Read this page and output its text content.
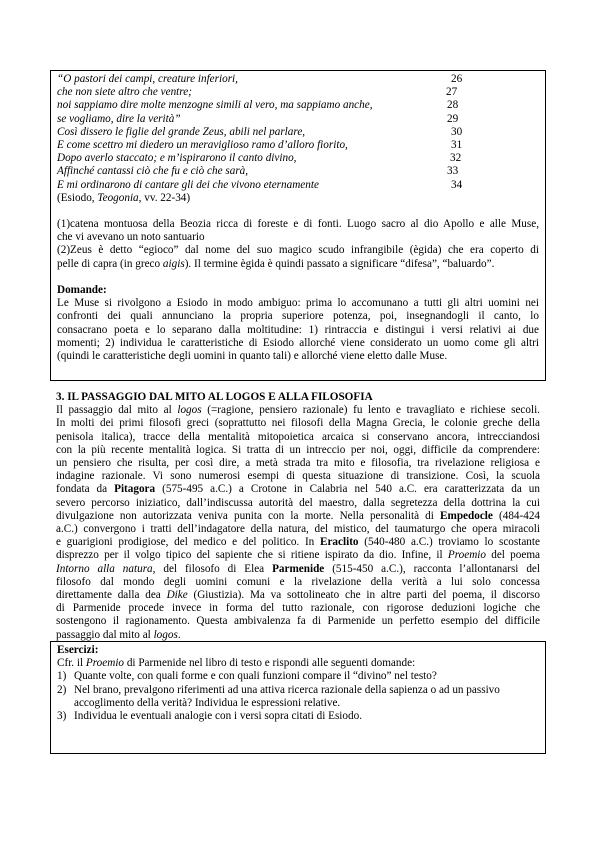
“O pastori dei campi, creature inferiori,	26
che non siete altro che ventre;	27
noi sappiamo dire molte menzogne simili al vero, ma sappiamo anche,	28
se vogliamo, dire la verità”	29
Così dissero le figlie del grande Zeus, abili nel parlare,	30
E come scettro mi diedero un meraviglioso ramo d’alloro fiorito,	31
Dopo averlo staccato; e m’ispirarono il canto divino,	32
Affinché cantassi ciò che fu e ciò che sarà,	33
E mi ordinarono di cantare gli dei che vivono eternamente	34
(Esiodo, Teogonia, vv. 22-34)
(1)catena montuosa della Beozia ricca di foreste e di fonti. Luogo sacro al dio Apollo e alle Muse,
che vi avevano un noto santuario
(2)Zeus è detto “egioco” dal nome del suo magico scudo infrangibile (ègida) che era coperto di
pelle di capra (in greco aigis). Il termine ègida è quindi passato a significare “difesa”, “baluardo”.
Domande:
Le Muse si rivolgono a Esiodo in modo ambiguo: prima lo accomunano a tutti gli altri uomini nei
confronti dei quali annunciano la propria superiore potenza, poi, insegnandogli il canto, lo
consacrano poeta e lo separano dalla moltitudine: 1) rintraccia e distingui i versi relativi ai due
momenti; 2) individua le caratteristiche di Esiodo allorché viene considerato un uomo come gli altri
(quindi le caratteristiche degli uomini in quanto tali) e allorché viene eletto dalle Muse.
3. IL PASSAGGIO DAL MITO AL LOGOS E ALLA FILOSOFIA
Il passaggio dal mito al logos (=ragione, pensiero razionale) fu lento e travagliato e richiese secoli.
In molti dei primi filosofi greci (soprattutto nei filosofi della Magna Grecia, le colonie greche della
penisola italica), tracce della mentalità mitopoietica arcaica si conservano ancora, intrecciandosi
con la più recente mentalità logica. Si tratta di un intreccio per noi, oggi, difficile da comprendere:
un pensiero che risulta, per così dire, a metà strada tra mito e filosofia, tra rivelazione religiosa e
indagine razionale. Vi sono numerosi esempi di questa situazione di transizione. Così, la scuola
fondata da Pitagora (575-495 a.C.) a Crotone in Calabria nel 540 a.C. era caratterizzata da un
severo percorso iniziatico, dall’indiscussa autorità del maestro, dalla segretezza della dottrina la cui
divulgazione non autorizzata veniva punita con la morte. Nella personalità di Empedocle (484-424
a.C.) convergono i tratti dell’indagatore della natura, del mistico, del taumaturgo che opera miracoli
e guarigioni prodigiose, del medico e del politico. In Eraclito (540-480 a.C.) troviamo lo scostante
disprezzo per il volgo tipico del sapiente che si ritiene ispirato da dio. Infine, il Proemio del poema
Intorno alla natura, del filosofo di Elea Parmenide (515-450 a.C.), racconta l’allontanarsi del
filosofo dal mondo degli uomini comuni e la rivelazione della verità a lui solo concessa
direttamente dalla dea Dike (Giustizia). Ma va sottolineato che in altre parti del poema, il discorso
di Parmenide procede invece in forma del tutto razionale, con rigorose deduzioni logiche che
sostengono il ragionamento. Questa ambivalenza fa di Parmenide un perfetto esempio del difficile
passaggio dal mito al logos.
Esercizi:
Cfr. il Proemio di Parmenide nel libro di testo e rispondi alle seguenti domande:
1) Quante volte, con quali forme e con quali funzioni compare il “divino” nel testo?
2) Nel brano, prevalgono riferimenti ad una attiva ricerca razionale della sapienza o ad un passivo
accoglimento della verità? Individua le espressioni relative.
3) Individua le eventuali analogie con i versi sopra citati di Esiodo.
